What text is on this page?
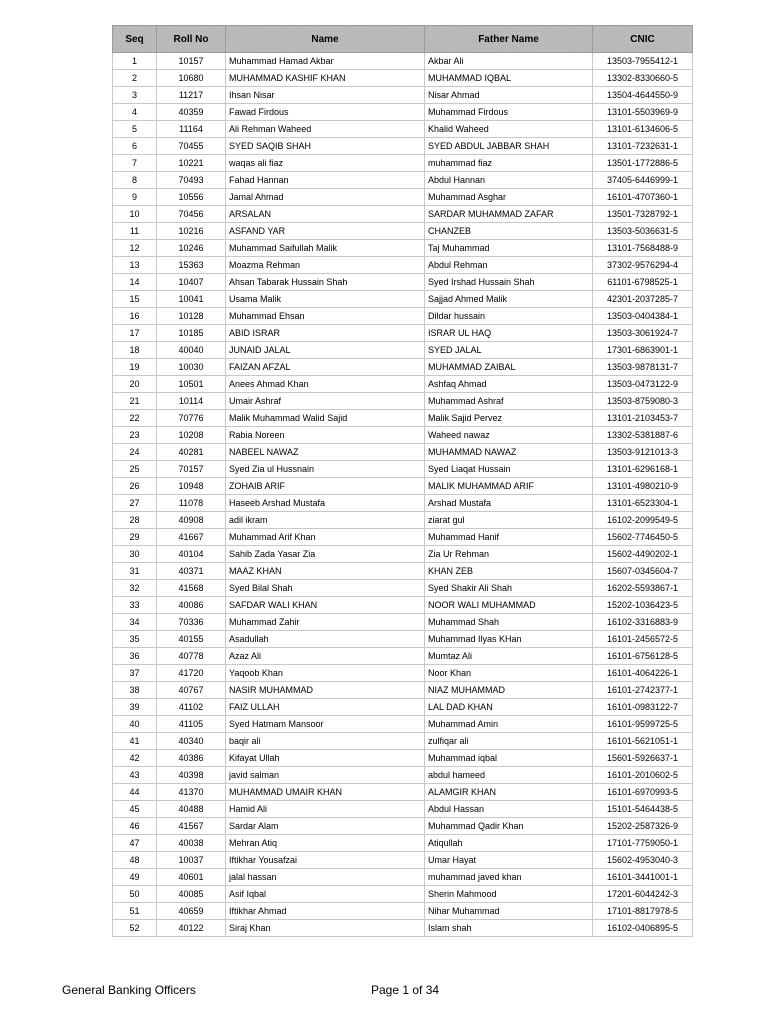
Seq	Roll No	Name	Father Name	CNIC
1	10157	Muhammad Hamad Akbar	Akbar Ali	13503-7955412-1
2	10680	MUHAMMAD KASHIF KHAN	MUHAMMAD IQBAL	13302-8330660-5
3	11217	Ihsan Nisar	Nisar Ahmad	13504-4644550-9
4	40359	Fawad Firdous	Muhammad Firdous	13101-5503969-9
5	11164	Ali Rehman Waheed	Khalid Waheed	13101-6134606-5
6	70455	SYED SAQIB SHAH	SYED ABDUL JABBAR SHAH	13101-7232631-1
7	10221	waqas ali fiaz	muhammad fiaz	13501-1772886-5
8	70493	Fahad Hannan	Abdul Hannan	37405-6446999-1
9	10556	Jamal Ahmad	Muhammad Asghar	16101-4707360-1
10	70456	ARSALAN	SARDAR MUHAMMAD ZAFAR	13501-7328792-1
11	10216	ASFAND YAR	CHANZEB	13503-5036631-5
12	10246	Muhammad Saifullah Malik	Taj Muhammad	13101-7568488-9
13	15363	Moazma Rehman	Abdul Rehman	37302-9576294-4
14	10407	Ahsan Tabarak Hussain Shah	Syed Irshad Hussain Shah	61101-6798525-1
15	10041	Usama Malik	Sajjad Ahmed Malik	42301-2037285-7
16	10128	Muhammad Ehsan	Dildar hussain	13503-0404384-1
17	10185	ABID ISRAR	ISRAR UL HAQ	13503-3061924-7
18	40040	JUNAID JALAL	SYED JALAL	17301-6863901-1
19	10030	FAIZAN AFZAL	MUHAMMAD ZAIBAL	13503-9878131-7
20	10501	Anees Ahmad Khan	Ashfaq Ahmad	13503-0473122-9
21	10114	Umair Ashraf	Muhammad Ashraf	13503-8759080-3
22	70776	Malik Muhammad Walid Sajid	Malik Sajid Pervez	13101-2103453-7
23	10208	Rabia Noreen	Waheed nawaz	13302-5381887-6
24	40281	NABEEL NAWAZ	MUHAMMAD NAWAZ	13503-9121013-3
25	70157	Syed Zia ul Hussnain	Syed Liaqat Hussain	13101-6296168-1
26	10948	ZOHAIB ARIF	MALIK MUHAMMAD ARIF	13101-4980210-9
27	11078	Haseeb Arshad Mustafa	Arshad Mustafa	13101-6523304-1
28	40908	adil ikram	ziarat gul	16102-2099549-5
29	41667	Muhammad Arif Khan	Muhammad Hanif	15602-7746450-5
30	40104	Sahib Zada Yasar Zia	Zia Ur Rehman	15602-4490202-1
31	40371	MAAZ KHAN	KHAN ZEB	15607-0345604-7
32	41568	Syed Bilal Shah	Syed Shakir Ali Shah	16202-5593867-1
33	40086	SAFDAR WALI KHAN	NOOR WALI MUHAMMAD	15202-1036423-5
34	70336	Muhammad Zahir	Muhammad Shah	16102-3316883-9
35	40155	Asadullah	Muhammad Ilyas KHan	16101-2456572-5
36	40778	Azaz Ali	Mumtaz Ali	16101-6756128-5
37	41720	Yaqoob Khan	Noor Khan	16101-4064226-1
38	40767	NASIR MUHAMMAD	NIAZ MUHAMMAD	16101-2742377-1
39	41102	FAIZ ULLAH	LAL DAD KHAN	16101-0983122-7
40	41105	Syed Hatmam Mansoor	Muhammad Amin	16101-9599725-5
41	40340	baqir ali	zulfiqar ali	16101-5621051-1
42	40386	Kifayat Ullah	Muhammad iqbal	15601-5926637-1
43	40398	javid salman	abdul hameed	16101-2010602-5
44	41370	MUHAMMAD UMAIR KHAN	ALAMGIR KHAN	16101-6970993-5
45	40488	Hamid Ali	Abdul Hassan	15101-5464438-5
46	41567	Sardar Alam	Muhammad Qadir Khan	15202-2587326-9
47	40038	Mehran Atiq	Atiqullah	17101-7759050-1
48	10037	Iftikhar Yousafzai	Umar Hayat	15602-4953040-3
49	40601	jalal hassan	muhammad javed khan	16101-3441001-1
50	40085	Asif Iqbal	Sherin Mahmood	17201-6044242-3
51	40659	Iftikhar Ahmad	Nihar Muhammad	17101-8817978-5
52	40122	Siraj Khan	Islam shah	16102-0406895-5
General Banking Officers	Page 1 of 34
